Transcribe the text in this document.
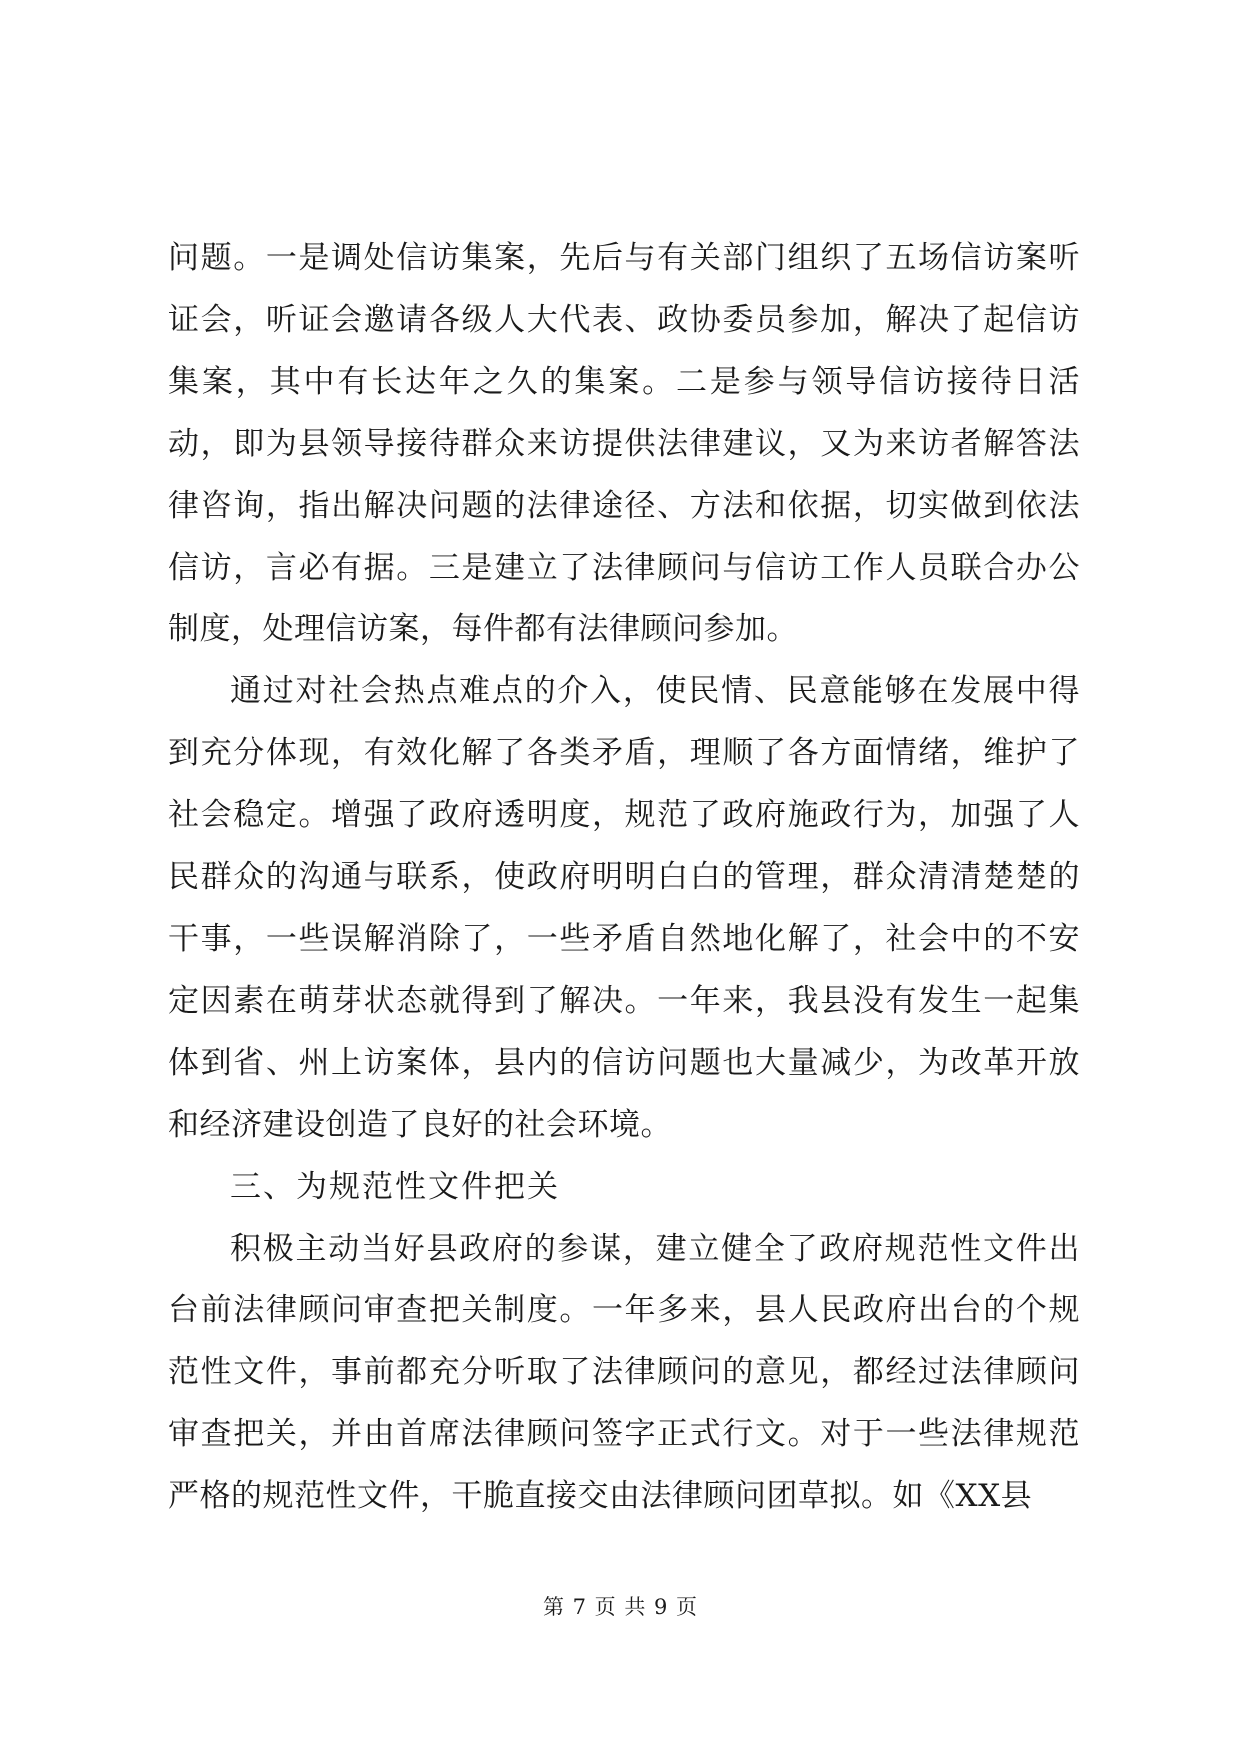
问题。一是调处信访集案，先后与有关部门组织了五场信访案听证会，听证会邀请各级人大代表、政协委员参加，解决了起信访集案，其中有长达年之久的集案。二是参与领导信访接待日活动，即为县领导接待群众来访提供法律建议，又为来访者解答法律咨询，指出解决问题的法律途径、方法和依据，切实做到依法信访，言必有据。三是建立了法律顾问与信访工作人员联合办公制度，处理信访案，每件都有法律顾问参加。

通过对社会热点难点的介入，使民情、民意能够在发展中得到充分体现，有效化解了各类矛盾，理顺了各方面情绪，维护了社会稳定。增强了政府透明度，规范了政府施政行为，加强了人民群众的沟通与联系，使政府明明白白的管理，群众清清楚楚的干事，一些误解消除了，一些矛盾自然地化解了，社会中的不安定因素在萌芽状态就得到了解决。一年来，我县没有发生一起集体到省、州上访案体，县内的信访问题也大量减少，为改革开放和经济建设创造了良好的社会环境。

三、为规范性文件把关

积极主动当好县政府的参谋，建立健全了政府规范性文件出台前法律顾问审查把关制度。一年多来，县人民政府出台的个规范性文件，事前都充分听取了法律顾问的意见，都经过法律顾问审查把关，并由首席法律顾问签字正式行文。对于一些法律规范严格的规范性文件，干脆直接交由法律顾问团草拟。如《XX县

第 7 页 共 9 页
